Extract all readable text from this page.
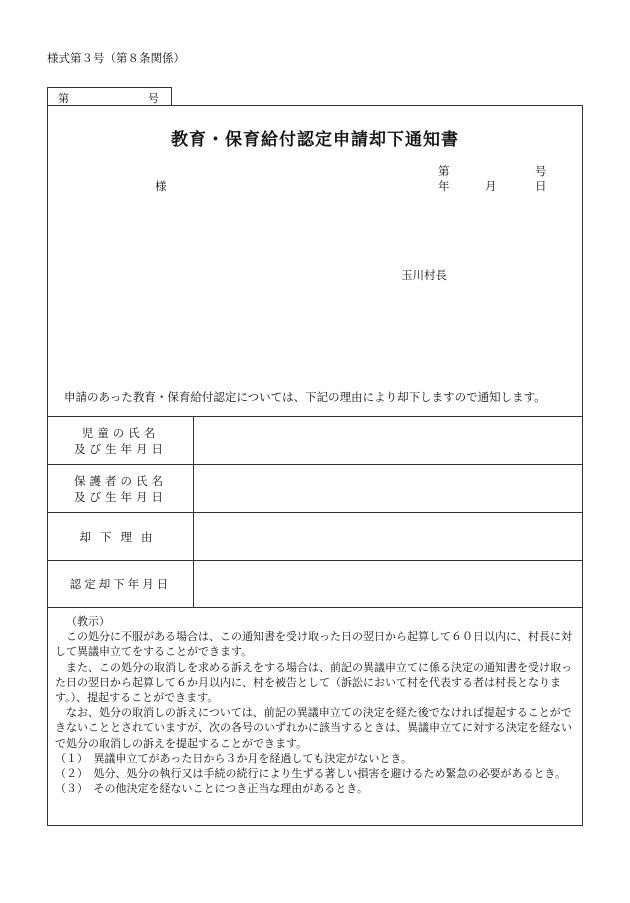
様式第３号（第８条関係）
第	号
教育・保育給付認定申請却下通知書
第	号
年	月	日
様
玉川村長
申請のあった教育・保育給付認定については、下記の理由により却下しますので通知します。
児童の氏名
及び生年月日
保護者の氏名
及び生年月日
却下理由
認定却下年月日

（教示）

この処分に不服がある場合は、この通知書を受け取った日の翌日から起算して６０日以内に、村長に対して異議申立てをすることができます。

また、この処分の取消しを求める訴えをする場合は、前記の異議申立てに係る決定の通知書を受け取った日の翌日から起算して６か月以内に、村を被告として（訴訟において村を代表する者は村長となります。）、提起することができます。

なお、処分の取消しの訴えについては、前記の異議申立ての決定を経た後でなければ提起することができないこととされていますが、次の各号のいずれかに該当するときは、異議申立てに対する決定を経ないで処分の取消しの訴えを提起することができます。

（１）　異議申立てがあった日から３か月を経過しても決定がないとき。

（２）　処分、処分の執行又は手続の続行により生ずる著しい損害を避けるため緊急の必要があるとき。

（３）　その他決定を経ないことにつき正当な理由があるとき。
